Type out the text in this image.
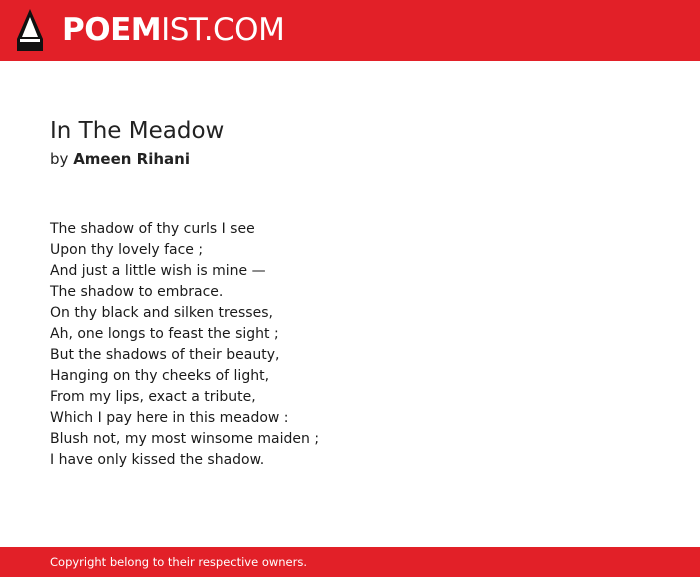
POEMIST.COM
In The Meadow
by Ameen Rihani
The shadow of thy curls I see
Upon thy lovely face ;
And just a little wish is mine —
The shadow to embrace.
On thy black and silken tresses,
Ah, one longs to feast the sight ;
But the shadows of their beauty,
Hanging on thy cheeks of light,
From my lips, exact a tribute,
Which I pay here in this meadow :
Blush not, my most winsome maiden ;
I have only kissed the shadow.
Copyright belong to their respective owners.
